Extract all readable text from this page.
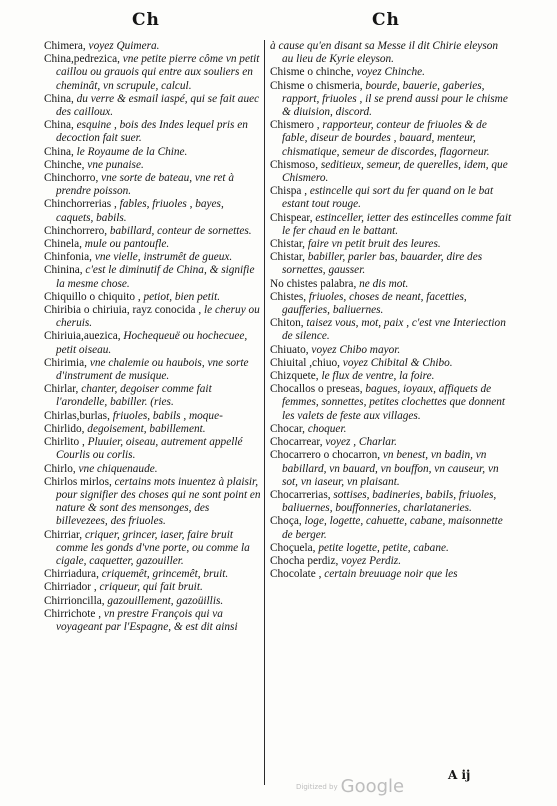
Ch	Ch

Chimera, voyez Quimera.

China,pedrezica, vne petite pierre côme vn petit caillou ou grauois qui entre aux souliers en cheminât, vn scrupule, calcul.

China, du verre & esmail iaspé, qui se fait auec des cailloux.

China, esquine , bois des Indes lequel pris en decoction fait suer.

China, le Royaume de la Chine.

Chinche, vne punaise.

Chinchorro, vne sorte de bateau, vne ret à prendre poisson.

Chinchorrerias , fables, friuoles , bayes, caquets, babils.

Chinchorrero, babillard, conteur de sornettes.

Chinela, mule ou pantoufle.

Chinfonia, vne vielle, instrumêt de gueux.

Chinina, c'est le diminutif de China, & signifie la mesme chose.

Chiquillo o chiquito , petiot, bien petit.

Chiribia o chiriuia, rayz conocida , le cheruy ou cheruis.

Chiriuia,auezica, Hochequeuë ou hochecuee, petit oiseau.

Chirimia, vne chalemie ou haubois, vne sorte d'instrument de musique.

Chirlar, chanter, degoiser comme fait l'arondelle, babiller. (ries.

Chirlas,burlas, friuoles, babils , moque-

Chirlido, degoisement, babillement.

Chirlito , Pluuier, oiseau, autrement appellé Courlis ou corlis.

Chirlo, vne chiquenaude.

Chirlos mirlos, certains mots inuentez à plaisir, pour signifier des choses qui ne sont point en nature & sont des mensonges, des billevezees, des friuoles.

Chirriar, criquer, grincer, iaser, faire bruit comme les gonds d'vne porte, ou comme la cigale, caquetter, gazouiller.

Chirriadura, criquemêt, grincemêt, bruit.

Chirriador , criqueur, qui fait bruit.

Chirrioncilla, gazouillement, gazoüillis.

Chirrichote , vn prestre François qui va voyageant par l'Espagne, & est dit ainsi

à cause qu'en disant sa Messe il dit Chirie eleyson au lieu de Kyrie eleyson.

Chisme o chinche, voyez Chinche.

Chisme o chismeria, bourde, bauerie, gaberies, rapport, friuoles , il se prend aussi pour le chisme & diuision, discord.

Chismero , rapporteur, conteur de friuoles & de fable, diseur de bourdes , bauard, menteur, chismatique, semeur de discordes, flagorneur.

Chismoso, seditieux, semeur, de querelles, idem, que Chismero.

Chispa , estincelle qui sort du fer quand on le bat estant tout rouge.

Chispear, estinceller, ietter des estincelles comme fait le fer chaud en le battant.

Chistar, faire vn petit bruit des leures.

Chistar, babiller, parler bas, bauarder, dire des sornettes, gausser.

No chistes palabra, ne dis mot.

Chistes, friuoles, choses de neant, facetties, gaufferies, baliuernes.

Chiton, taisez vous, mot, paix , c'est vne Interiection de silence.

Chiuato, voyez Chibo mayor.

Chiuital ,chiuo, voyez Chibital & Chibo.

Chizquete, le flux de ventre, la foire.

Chocallos o preseas, bagues, ioyaux, affiquets de femmes, sonnettes, petites clochettes que donnent les valets de feste aux villages.

Chocar, choquer.

Chocarrear, voyez , Charlar.

Chocarrero o chocarron, vn benest, vn badin, vn babillard, vn bauard, vn bouffon, vn causeur, vn sot, vn iaseur, vn plaisant.

Chocarrerias, sottises, badineries, babils, friuoles, baliuernes, bouffonneries, charlataneries.

Choça, loge, logette, cahuette, cabane, maisonnette de berger.

Choçuela, petite logette, petite, cabane.

Chocha perdiz, voyez Perdiz.

Chocolate , certain breuuage noir que les

Digitized by Google
A ij
